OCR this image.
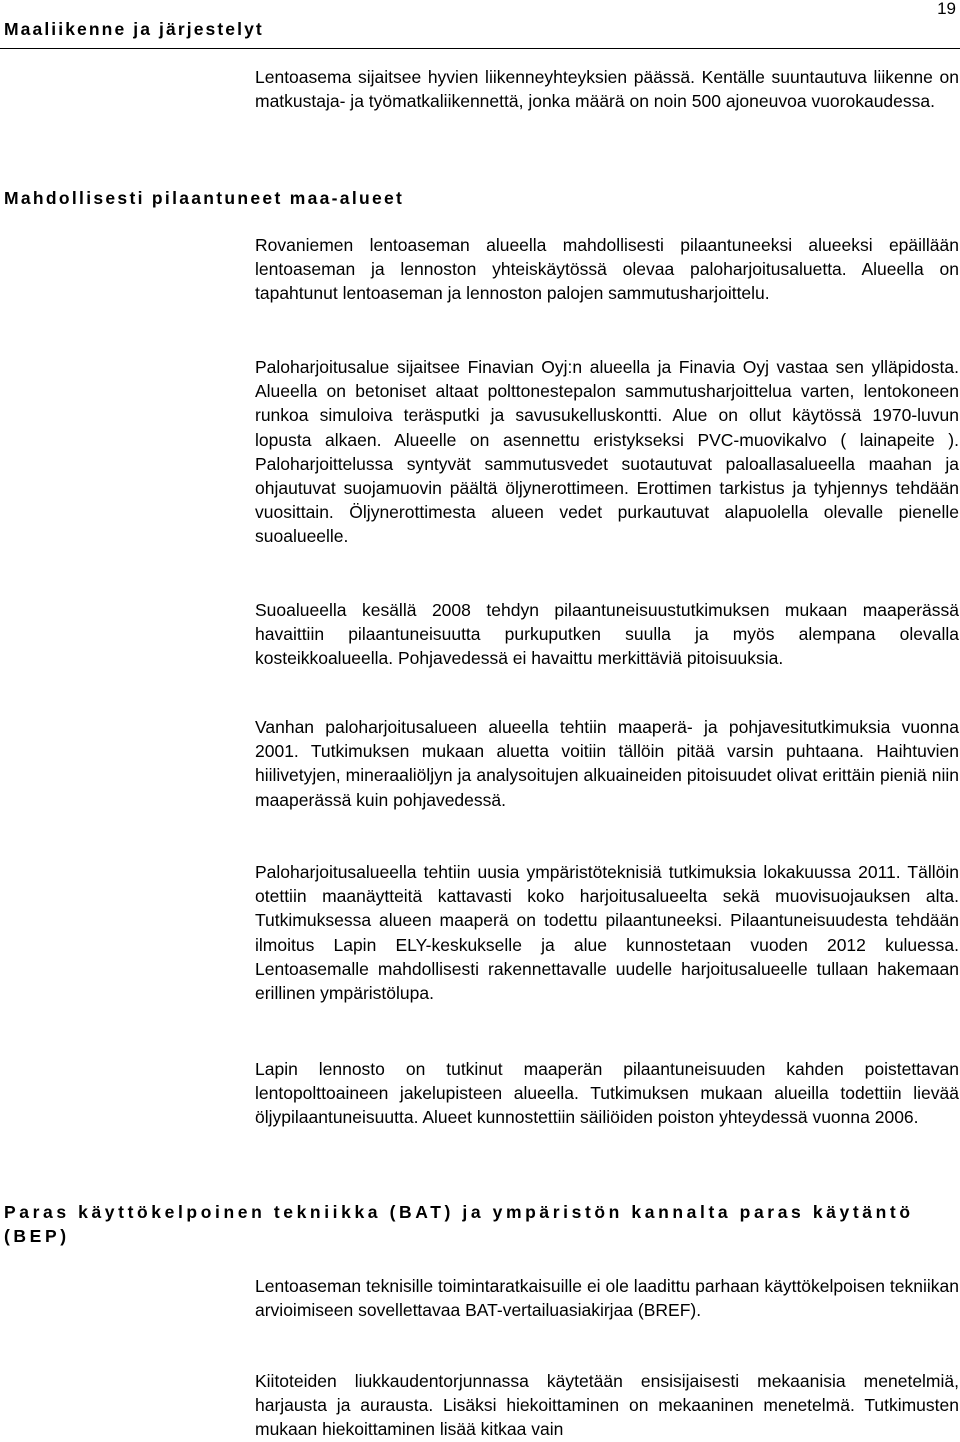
19
Maaliikenne ja järjestelyt

Lentoasema sijaitsee hyvien liikenneyhteyksien päässä. Kentälle suuntautuva liikenne on matkustaja- ja työmatkaliikennettä, jonka määrä on noin 500 ajoneuvoa vuorokaudessa.

Mahdollisesti pilaantuneet maa-alueet

Rovaniemen lentoaseman alueella mahdollisesti pilaantuneeksi alueeksi epäillään lentoaseman ja lennoston yhteiskäytössä olevaa paloharjoitusaluetta. Alueella on tapahtunut lentoaseman ja lennoston palojen sammutusharjoittelu.

Paloharjoitusalue sijaitsee Finavian Oyj:n alueella ja Finavia Oyj vastaa sen ylläpidosta. Alueella on betoniset altaat polttonestepalon sammutusharjoittelua varten, lentokoneen runkoa simuloiva teräsputki ja savusukelluskontti. Alue on ollut käytössä 1970-luvun lopusta alkaen. Alueelle on asennettu eristykseksi PVC-muovikalvo ( lainapeite ). Paloharjoittelussa syntyvät sammutusvedet suotautuvat paloallasalueella maahan ja ohjautuvat suojamuovin päältä öljynerottimeen. Erottimen tarkistus ja tyhjennys tehdään vuosittain. Öljynerottimesta alueen vedet purkautuvat alapuolella olevalle pienelle suoalueelle.

Suoalueella kesällä 2008 tehdyn pilaantuneisuustutkimuksen mukaan maaperässä havaittiin pilaantuneisuutta purkuputken suulla ja myös alempana olevalla kosteikkoalueella. Pohjavedessä ei havaittu merkittäviä pitoisuuksia.

Vanhan paloharjoitusalueen alueella tehtiin maaperä- ja pohjavesitutkimuksia vuonna 2001. Tutkimuksen mukaan aluetta voitiin tällöin pitää varsin puhtaana. Haihtuvien hiilivetyjen, mineraaliöljyn ja analysoitujen alkuaineiden pitoisuudet olivat erittäin pieniä niin maaperässä kuin pohjavedessä.

Paloharjoitusalueella tehtiin uusia ympäristöteknisiä tutkimuksia lokakuussa 2011. Tällöin otettiin maanäytteitä kattavasti koko harjoitusalueelta sekä muovisuojauksen alta. Tutkimuksessa alueen maaperä on todettu pilaantuneeksi. Pilaantuneisuudesta tehdään ilmoitus Lapin ELY-keskukselle ja alue kunnostetaan vuoden 2012 kuluessa. Lentoasemalle mahdollisesti rakennettavalle uudelle harjoitusalueelle tullaan hakemaan erillinen ympäristölupa.

Lapin lennosto on tutkinut maaperän pilaantuneisuuden kahden poistettavan lentopolttoaineen jakelupisteen alueella. Tutkimuksen mukaan alueilla todettiin lievää öljypilaantuneisuutta. Alueet kunnostettiin säiliöiden poiston yhteydessä vuonna 2006.

Paras käyttökelpoinen tekniikka (BAT) ja ympäristön kannalta paras käytäntö (BEP)

Lentoaseman teknisille toimintaratkaisuille ei ole laadittu parhaan käyttökelpoisen tekniikan arvioimiseen sovellettavaa BAT-vertailuasiakirjaa (BREF).

Kiitoteiden liukkaudentorjunnassa käytetään ensisijaisesti mekaanisia menetelmiä, harjausta ja aurausta. Lisäksi hiekoittaminen on mekaaninen menetelmä. Tutkimusten mukaan hiekoittaminen lisää kitkaa vain
